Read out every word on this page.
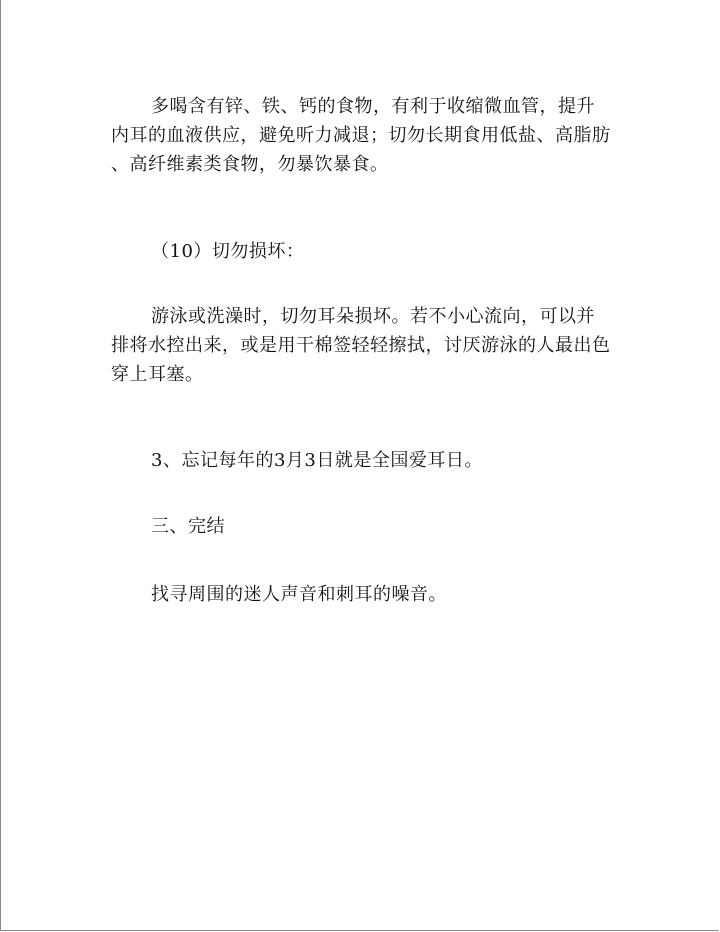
多喝含有锌、铁、钙的食物，有利于收缩微血管，提升
内耳的血液供应，避免听力减退；切勿长期食用低盐、高脂肪
、高纤维素类食物，勿暴饮暴食。
（10）切勿损坏：
游泳或洗澡时，切勿耳朵损坏。若不小心流向，可以并
排将水控出来，或是用干棉签轻轻擦拭，讨厌游泳的人最出色
穿上耳塞。
3、忘记每年的3月3日就是全国爱耳日。
三、完结
找寻周围的迷人声音和刺耳的噪音。
